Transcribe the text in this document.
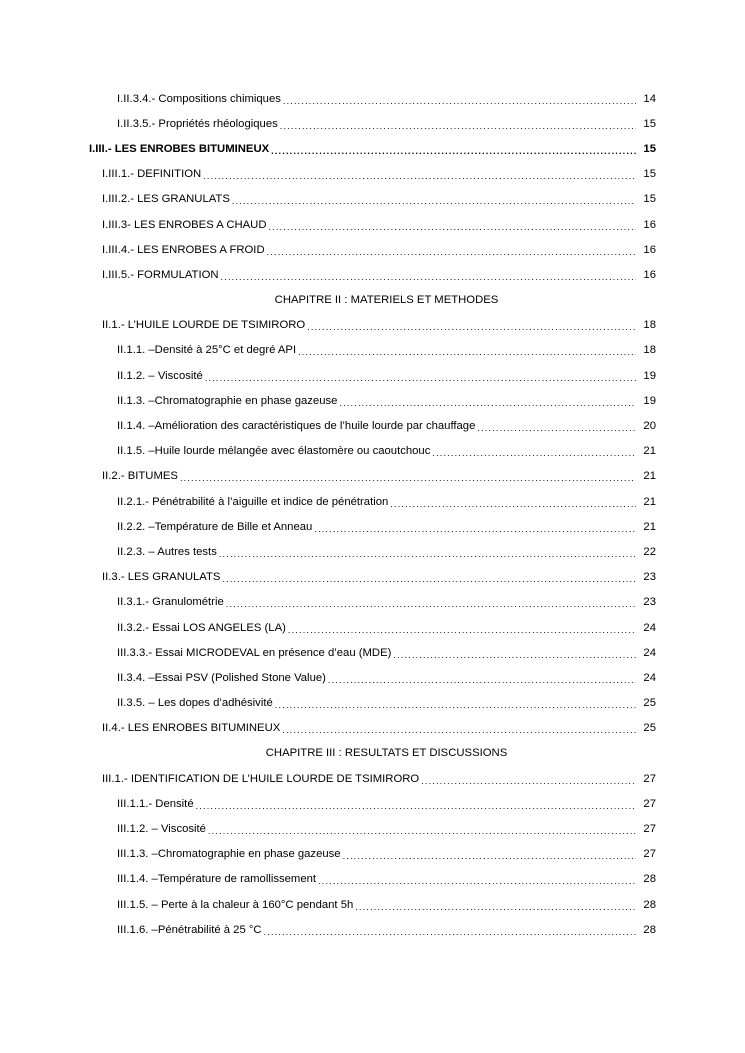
I.II.3.4.- Compositions chimiques .....	14
I.II.3.5.- Propriétés rhéologiques .....	15
I.III.- LES ENROBES BITUMINEUX .....	15
I.III.1.- DEFINITION .....	15
I.III.2.- LES GRANULATS .....	15
I.III.3- LES ENROBES A CHAUD .....	16
I.III.4.- LES ENROBES A FROID .....	16
I.III.5.- FORMULATION .....	16
CHAPITRE II : MATERIELS ET METHODES
II.1.- L’HUILE LOURDE DE TSIMIRORO .....	18
II.1.1. –Densité à 25°C et degré API .....	18
II.1.2. – Viscosité .....	19
II.1.3. –Chromatographie en phase gazeuse .....	19
II.1.4. –Amélioration des caractéristiques de l’huile lourde par chauffage .....	20
II.1.5. –Huile lourde mélangée avec élastomère ou caoutchouc .....	21
II.2.- BITUMES .....	21
II.2.1.- Pénétrabilité à l’aiguille et indice de pénétration .....	21
II.2.2. –Température de Bille et Anneau .....	21
II.2.3. – Autres tests .....	22
II.3.- LES GRANULATS .....	23
II.3.1.- Granulométrie .....	23
II.3.2.- Essai LOS ANGELES (LA) .....	24
III.3.3.- Essai MICRODEVAL en présence d’eau (MDE) .....	24
II.3.4. –Essai PSV (Polished Stone Value) .....	24
II.3.5. – Les dopes d’adhésivité .....	25
II.4.- LES ENROBES BITUMINEUX .....	25
CHAPITRE III : RESULTATS ET DISCUSSIONS
III.1.- IDENTIFICATION DE L’HUILE LOURDE DE TSIMIRORO .....	27
III.1.1.- Densité .....	27
III.1.2. – Viscosité .....	27
III.1.3. –Chromatographie en phase gazeuse .....	27
III.1.4. –Température de ramollissement .....	28
III.1.5. – Perte à la chaleur à 160°C pendant 5h .....	28
III.1.6. –Pénétrabilité à 25 °C .....	28
